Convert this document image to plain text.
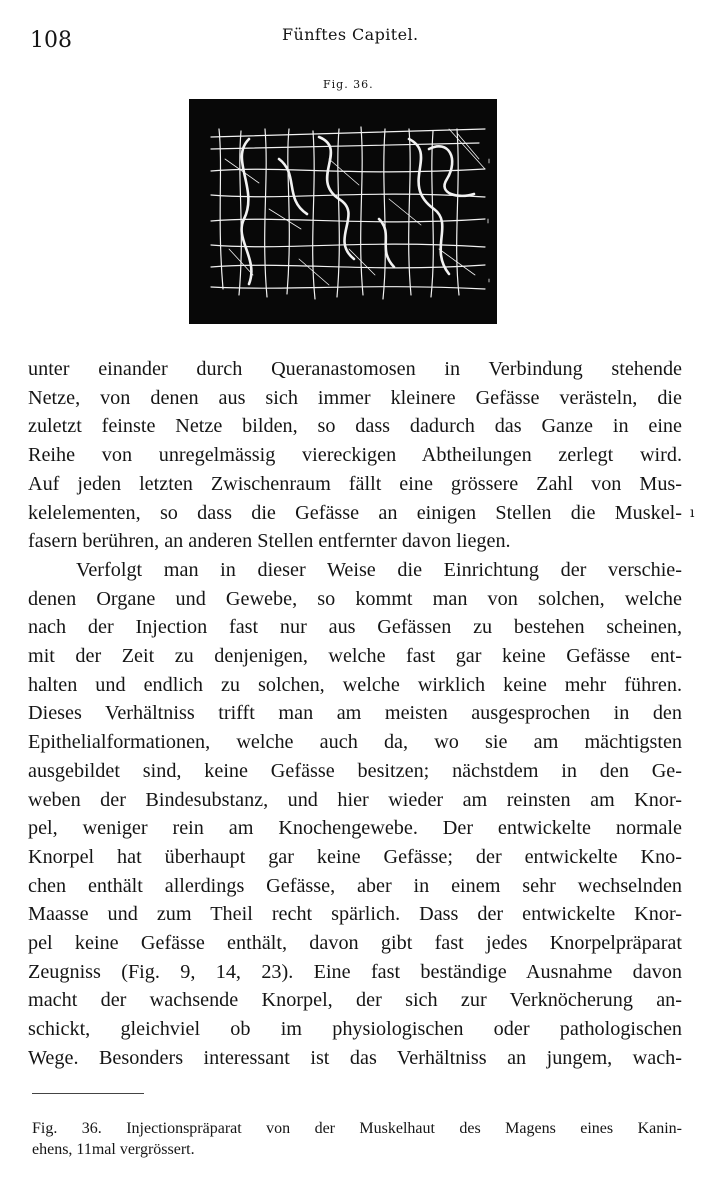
108	Fünftes Capitel.
Fig. 36.
unter einander durch Queranastomosen in Verbindung stehende
Netze, von denen aus sich immer kleinere Gefässe verästeln, die
zuletzt feinste Netze bilden, so dass dadurch das Ganze in eine
Reihe von unregelmässig viereckigen Abtheilungen zerlegt wird.
Auf jeden letzten Zwischenraum fällt eine grössere Zahl von Mus-
kelelementen, so dass die Gefässe an einigen Stellen die Muskel-
fasern berühren, an anderen Stellen entfernter davon liegen.
Verfolgt man in dieser Weise die Einrichtung der verschie-
denen Organe und Gewebe, so kommt man von solchen, welche
nach der Injection fast nur aus Gefässen zu bestehen scheinen,
mit der Zeit zu denjenigen, welche fast gar keine Gefässe ent-
halten und endlich zu solchen, welche wirklich keine mehr führen.
Dieses Verhältniss trifft man am meisten ausgesprochen in den
Epithelialformationen, welche auch da, wo sie am mächtigsten
ausgebildet sind, keine Gefässe besitzen; nächstdem in den Ge-
weben der Bindesubstanz, und hier wieder am reinsten am Knor-
pel, weniger rein am Knochengewebe. Der entwickelte normale
Knorpel hat überhaupt gar keine Gefässe; der entwickelte Kno-
chen enthält allerdings Gefässe, aber in einem sehr wechselnden
Maasse und zum Theil recht spärlich. Dass der entwickelte Knor-
pel keine Gefässe enthält, davon gibt fast jedes Knorpelpräparat
Zeugniss (Fig. 9, 14, 23). Eine fast beständige Ausnahme davon
macht der wachsende Knorpel, der sich zur Verknöcherung an-
schickt, gleichviel ob im physiologischen oder pathologischen
Wege. Besonders interessant ist das Verhältniss an jungem, wach-
ı
Fig. 36. Injectionspräparat von der Muskelhaut des Magens eines Kanin-
ehens, 11mal vergrössert.
